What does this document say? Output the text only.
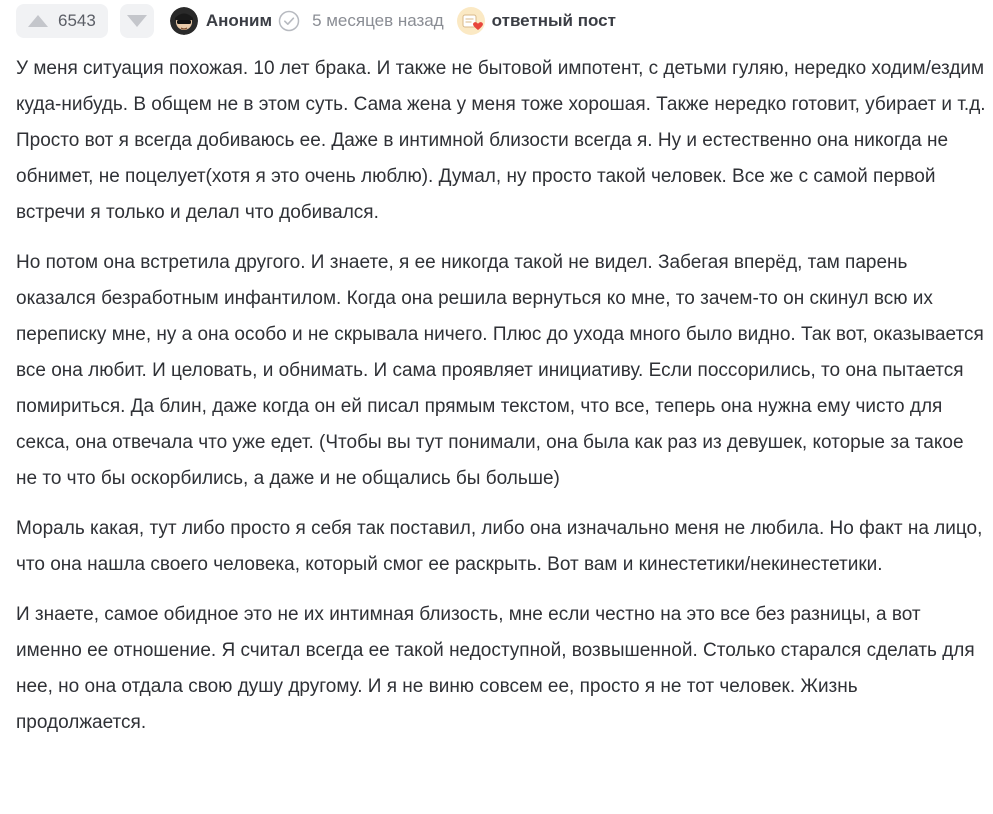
6543	Аноним 5 месяцев назад	ответный пост

У меня ситуация похожая. 10 лет брака. И также не бытовой импотент, с детьми гуляю, нередко ходим/ездим куда-нибудь. В общем не в этом суть. Сама жена у меня тоже хорошая. Также нередко готовит, убирает и т.д. Просто вот я всегда добиваюсь ее. Даже в интимной близости всегда я. Ну и естественно она никогда не обнимет, не поцелует(хотя я это очень люблю). Думал, ну просто такой человек. Все же с самой первой встречи я только и делал что добивался.

Но потом она встретила другого. И знаете, я ее никогда такой не видел. Забегая вперёд, там парень оказался безработным инфантилом. Когда она решила вернуться ко мне, то зачем-то он скинул всю их переписку мне, ну а она особо и не скрывала ничего. Плюс до ухода много было видно. Так вот, оказывается все она любит. И целовать, и обнимать. И сама проявляет инициативу. Если поссорились, то она пытается помириться. Да блин, даже когда он ей писал прямым текстом, что все, теперь она нужна ему чисто для секса, она отвечала что уже едет. (Чтобы вы тут понимали, она была как раз из девушек, которые за такое не то что бы оскорбились, а даже и не общались бы больше)

Мораль какая, тут либо просто я себя так поставил, либо она изначально меня не любила. Но факт на лицо, что она нашла своего человека, который смог ее раскрыть. Вот вам и кинестетики/некинестетики.

И знаете, самое обидное это не их интимная близость, мне если честно на это все без разницы, а вот именно ее отношение. Я считал всегда ее такой недоступной, возвышенной. Столько старался сделать для нее, но она отдала свою душу другому. И я не виню совсем ее, просто я не тот человек. Жизнь продолжается.
